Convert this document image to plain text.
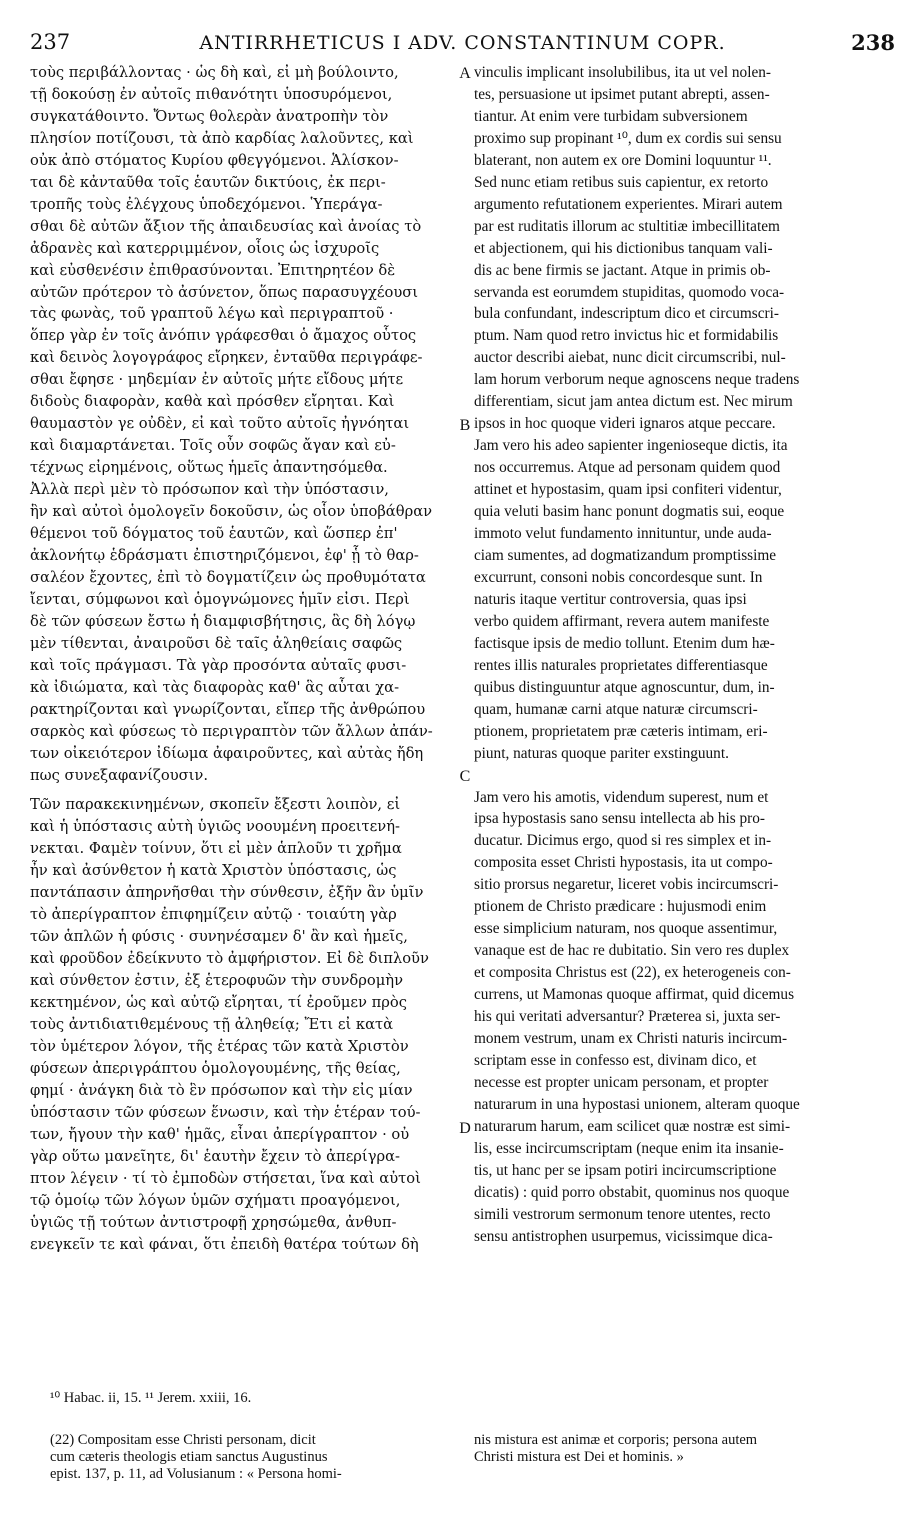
237	ANTIRRHETICUS I ADV. CONSTANTINUM COPR.	238

τοὺς περιβάλλοντας · ὡς δὴ καὶ, εἰ μὴ βούλοιντο,
τῇ δοκούσῃ ἐν αὐτοῖς πιθανότητι ὑποσυρόμενοι,
συγκατάθοιντο. Ὄντως θολερὰν ἀνατροπὴν τὸν
πλησίον ποτίζουσι, τὰ ἀπὸ καρδίας λαλοῦντες, καὶ
οὐκ ἀπὸ στόματος Κυρίου φθεγγόμενοι. Ἁλίσκον-
ται δὲ κἀνταῦθα τοῖς ἑαυτῶν δικτύοις, ἐκ περι-
τροπῆς τοὺς ἐλέγχους ὑποδεχόμενοι. Ὑπεράγα-
σθαι δὲ αὐτῶν ἄξιον τῆς ἀπαιδευσίας καὶ ἀνοίας τὸ
ἀδρανὲς καὶ κατερριμμένον, οἷοις ὡς ἰσχυροῖς
καὶ εὐσθενέσιν ἐπιθρασύνονται. Ἐπιτηρητέον δὲ
αὐτῶν πρότερον τὸ ἀσύνετον, ὅπως παρασυγχέουσι
τὰς φωνὰς, τοῦ γραπτοῦ λέγω καὶ περιγραπτοῦ ·
ὅπερ γὰρ ἐν τοῖς ἀνόπιν γράφεσθαι ὁ ἄμαχος οὗτος
καὶ δεινὸς λογογράφος εἴρηκεν, ἐνταῦθα περιγράφε-
σθαι ἔφησε · μηδεμίαν ἐν αὐτοῖς μήτε εἴδους μήτε
διδοὺς διαφορὰν, καθὰ καὶ πρόσθεν εἴρηται. Καὶ
θαυμαστὸν γε οὐδὲν, εἰ καὶ τοῦτο αὐτοῖς ἠγνόηται
καὶ διαμαρτάνεται. Τοῖς οὖν σοφῶς ἄγαν καὶ εὐ-
τέχνως εἰρημένοις, οὕτως ἡμεῖς ἀπαντησόμεθα.
Ἀλλὰ περὶ μὲν τὸ πρόσωπον καὶ τὴν ὑπόστασιν,
ἣν καὶ αὐτοὶ ὁμολογεῖν δοκοῦσιν, ὡς οἷον ὑποβάθραν
θέμενοι τοῦ δόγματος τοῦ ἑαυτῶν, καὶ ὥσπερ ἐπ'
ἀκλονήτῳ ἑδράσματι ἐπιστηριζόμενοι, ἐφ' ᾗ τὸ θαρ-
σαλέον ἔχοντες, ἐπὶ τὸ δογματίζειν ὡς προθυμότατα
ἴενται, σύμφωνοι καὶ ὁμογνώμονες ἡμῖν εἰσι. Περὶ
δὲ τῶν φύσεων ἔστω ἡ διαμφισβήτησις, ἃς δὴ λόγῳ
μὲν τίθενται, ἀναιροῦσι δὲ ταῖς ἀληθείαις σαφῶς
καὶ τοῖς πράγμασι. Τὰ γὰρ προσόντα αὐταῖς φυσι-
κὰ ἰδιώματα, καὶ τὰς διαφορὰς καθ' ἃς αὗται χα-
ρακτηρίζονται καὶ γνωρίζονται, εἴπερ τῆς ἀνθρώπου
σαρκὸς καὶ φύσεως τὸ περιγραπτὸν τῶν ἄλλων ἀπάν-
των οἰκειότερον ἰδίωμα ἀφαιροῦντες, καὶ αὐτὰς ἤδη
πως συνεξαφανίζουσιν.

Τῶν παρακεκινημένων, σκοπεῖν ἔξεστι λοιπὸν, εἰ
καὶ ἡ ὑπόστασις αὐτὴ ὑγιῶς νοουμένη προειτενή-
νεκται. Φαμὲν τοίνυν, ὅτι εἰ μὲν ἁπλοῦν τι χρῆμα
ἦν καὶ ἀσύνθετον ἡ κατὰ Χριστὸν ὑπόστασις, ὡς
παντάπασιν ἀπηρνῆσθαι τὴν σύνθεσιν, ἐξῆν ἂν ὑμῖν
τὸ ἀπερίγραπτον ἐπιφημίζειν αὐτῷ · τοιαύτη γὰρ
τῶν ἁπλῶν ἡ φύσις · συνηνέσαμεν δ' ἂν καὶ ἡμεῖς,
καὶ φροῦδον ἐδείκνυτο τὸ ἀμφήριστον. Εἰ δὲ διπλοῦν
καὶ σύνθετον ἐστιν, ἐξ ἑτεροφυῶν τὴν συνδρομὴν
κεκτημένον, ὡς καὶ αὐτῷ εἴρηται, τί ἐροῦμεν πρὸς
τοὺς ἀντιδιατιθεμένους τῇ ἀληθείᾳ; Ἔτι εἰ κατὰ
τὸν ὑμέτερον λόγον, τῆς ἑτέρας τῶν κατὰ Χριστὸν
φύσεων ἀπεριγράπτου ὁμολογουμένης, τῆς θείας,
φημί · ἀνάγκη διὰ τὸ ἓν πρόσωπον καὶ τὴν εἰς μίαν
ὑπόστασιν τῶν φύσεων ἕνωσιν, καὶ τὴν ἑτέραν τού-
των, ἤγουν τὴν καθ' ἡμᾶς, εἶναι ἀπερίγραπτον · οὐ
γὰρ οὕτω μανεῖητε, δι' ἑαυτὴν ἔχειν τὸ ἀπερίγρα-
πτον λέγειν · τί τὸ ἐμποδὼν στήσεται, ἵνα καὶ αὐτοὶ
τῷ ὁμοίῳ τῶν λόγων ὑμῶν σχήματι προαγόμενοι,
ὑγιῶς τῇ τούτων ἀντιστροφῇ χρησώμεθα, ἀνθυπ-
ενεγκεῖν τε καὶ φάναι, ὅτι ἐπειδὴ θατέρα τούτων δὴ

vinculis implicant insolubilibus, ita ut vel nolen-
tes, persuasione ut ipsimet putant abrepti, assen-
tiantur. At enim vere turbidam subversionem
proximo sup propinant ¹⁰, dum ex cordis sui sensu
blaterant, non autem ex ore Domini loquuntur ¹¹.
Sed nunc etiam retibus suis capientur, ex retorto
argumento refutationem experientes. Mirari autem
par est ruditatis illorum ac stultitiæ imbecillitatem
et abjectionem, qui his dictionibus tanquam vali-
dis ac bene firmis se jactant. Atque in primis ob-
servanda est eorumdem stupiditas, quomodo voca-
bula confundant, indescriptum dico et circumscri-
ptum. Nam quod retro invictus hic et formidabilis
auctor describi aiebat, nunc dicit circumscribi, nul-
lam horum verborum neque agnoscens neque tradens
differentiam, sicut jam antea dictum est. Nec mirum
ipsos in hoc quoque videri ignaros atque peccare.
Jam vero his adeo sapienter ingenioseque dictis, ita
nos occurremus. Atque ad personam quidem quod
attinet et hypostasim, quam ipsi confiteri videntur,
quia veluti basim hanc ponunt dogmatis sui, eoque
immoto velut fundamento innituntur, unde auda-
ciam sumentes, ad dogmatizandum promptissime
excurrunt, consoni nobis concordesque sunt. In
naturis itaque vertitur controversia, quas ipsi
verbo quidem affirmant, revera autem manifeste
factisque ipsis de medio tollunt. Etenim dum hæ-
rentes illis naturales proprietates differentiasque
quibus distinguuntur atque agnoscuntur, dum, in-
quam, humanæ carni atque naturæ circumscri-
ptionem, proprietatem præ cæteris intimam, eri-
piunt, naturas quoque pariter exstinguunt.

Jam vero his amotis, videndum superest, num et
ipsa hypostasis sano sensu intellecta ab his pro-
ducatur. Dicimus ergo, quod si res simplex et in-
composita esset Christi hypostasis, ita ut compo-
sitio prorsus negaretur, liceret vobis incircumscri-
ptionem de Christo prædicare : hujusmodi enim
esse simplicium naturam, nos quoque assentimur,
vanaque est de hac re dubitatio. Sin vero res duplex
et composita Christus est (22), ex heterogeneis con-
currens, ut Mamonas quoque affirmat, quid dicemus
his qui veritati adversantur? Præterea si, juxta ser-
monem vestrum, unam ex Christi naturis incircum-
scriptam esse in confesso est, divinam dico, et
necesse est propter unicam personam, et propter
naturarum in una hypostasi unionem, alteram quoque
naturarum harum, eam scilicet quæ nostræ est simi-
lis, esse incircumscriptam (neque enim ita insanie-
tis, ut hanc per se ipsam potiri incircumscriptione
dicatis) : quid porro obstabit, quominus nos quoque
simili vestrorum sermonum tenore utentes, recto
sensu antistrophen usurpemus, vicissimque dica-

A
B
C
D
¹⁰ Habac. ii, 15. ¹¹ Jerem. xxiii, 16.
(22) Compositam esse Christi personam, dicit
cum cæteris theologis etiam sanctus Augustinus
epist. 137, p. 11, ad Volusianum : « Persona homi-
nis mistura est animæ et corporis; persona autem
Christi mistura est Dei et hominis. »
